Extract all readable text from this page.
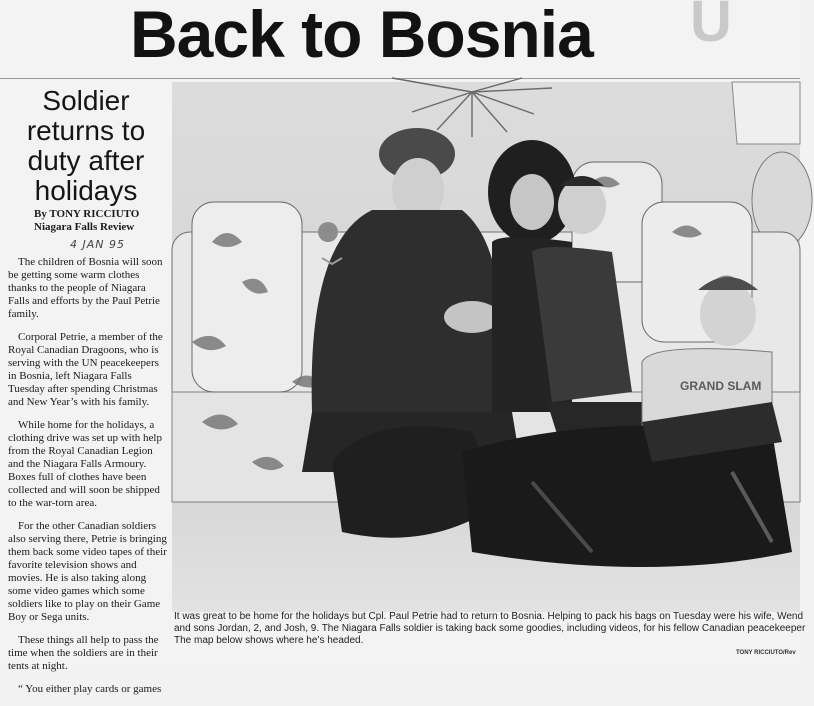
U
Back to Bosnia
Soldier returns to duty after holidays
By TONY RICCIUTO
Niagara Falls Review
4 JAN 95

The children of Bosnia will soon be getting some warm clothes thanks to the people of Niagara Falls and efforts by the Paul Petrie family.

Corporal Petrie, a member of the Royal Canadian Dragoons, who is serving with the UN peacekeepers in Bosnia, left Niagara Falls Tuesday after spending Christmas and New Year’s with his family.

While home for the holidays, a clothing drive was set up with help from the Royal Canadian Legion and the Niagara Falls Armoury. Boxes full of clothes have been collected and will soon be shipped to the war-torn area.

For the other Canadian soldiers also serving there, Petrie is bringing them back some video tapes of their favorite television shows and movies. He is also taking along some video games which some soldiers like to play on their Game Boy or Sega units.

These things all help to pass the time when the soldiers are in their tents at night.

“ You either play cards or games

GRAND SLAM
It was great to be home for the holidays but Cpl. Paul Petrie had to return to Bosnia. Helping to pack his bags on Tuesday were his wife, Wend
and sons Jordan, 2, and Josh, 9. The Niagara Falls soldier is taking back some goodies, including videos, for his fellow Canadian peacekeeper
The map below shows where he’s headed.
TONY RICCIUTO/Rev
